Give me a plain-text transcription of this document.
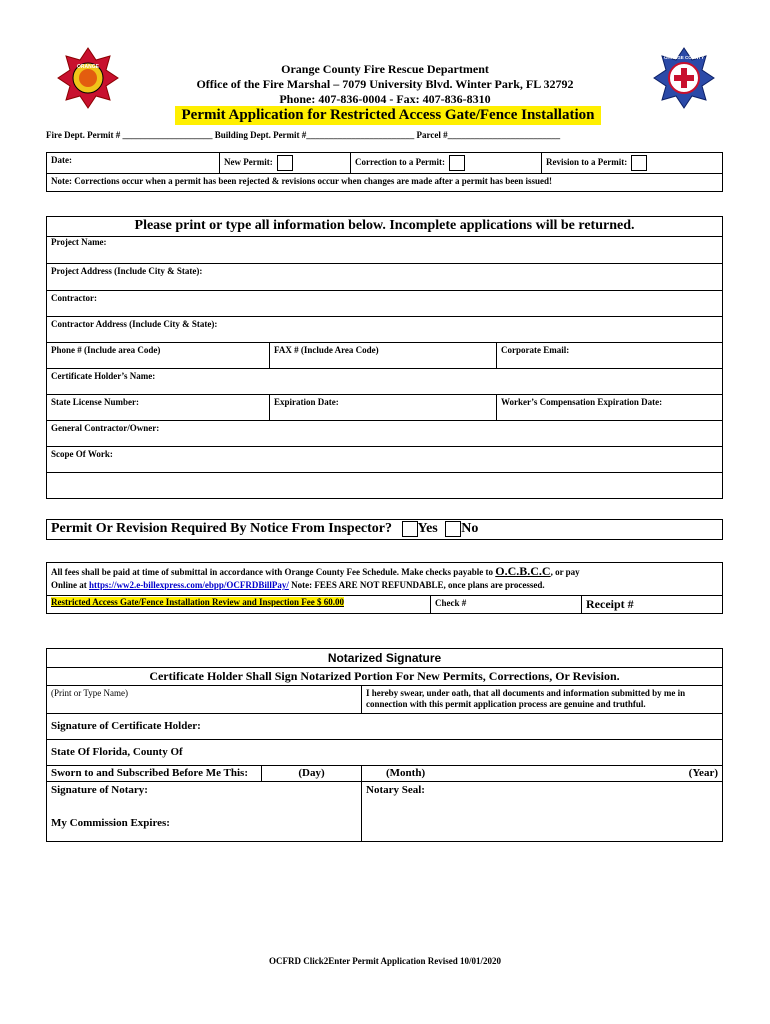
ORANGE
ORANGE COUNTY
Orange County Fire Rescue Department
Office of the Fire Marshal – 7079 University Blvd. Winter Park, FL 32792
Phone: 407-836-0004 - Fax: 407-836-8310
Permit Application for Restricted Access Gate/Fence Installation
Fire Dept. Permit # ____________________ Building Dept. Permit #________________________ Parcel #_________________________
Date:	New Permit:	Correction to a Permit:	Revision to a Permit:
Note: Corrections occur when a permit has been rejected & revisions occur when changes are made after a permit has been issued!
Please print or type all information below. Incomplete applications will be returned.		
Project Name:		
Project Address (Include City & State):		
Contractor:		
Contractor Address (Include City & State):		
Phone # (Include area Code)	FAX # (Include Area Code)	Corporate Email:
Certificate Holder’s Name:		
State License Number:	Expiration Date:	Worker’s Compensation Expiration Date:
General Contractor/Owner:		
Scope Of Work:		

Permit Or Revision Required By Notice From Inspector? Yes No
All fees shall be paid at time of submittal in accordance with Orange County Fee Schedule. Make checks payable to O.C.B.C.C, or pay
Online at https://ww2.e-billexpress.com/ebpp/OCFRDBillPay/ Note: FEES ARE NOT REFUNDABLE, once plans are processed.
Restricted Access Gate/Fence Installation Review and Inspection Fee $ 60.00	Check #	Receipt #
Notarized Signature		
Certificate Holder Shall Sign Notarized Portion For New Permits, Corrections, Or Revision.		
(Print or Type Name)		I hereby swear, under oath, that all documents and information submitted by me in connection with this permit application process are genuine and truthful.
Signature of Certificate Holder:		
State Of Florida, County Of		
Sworn to and Subscribed Before Me This:	(Day)	(Month) (Year)

Signature of Notary:
My Commission Expires:		Notary Seal:
OCFRD Click2Enter Permit Application Revised 10/01/2020
